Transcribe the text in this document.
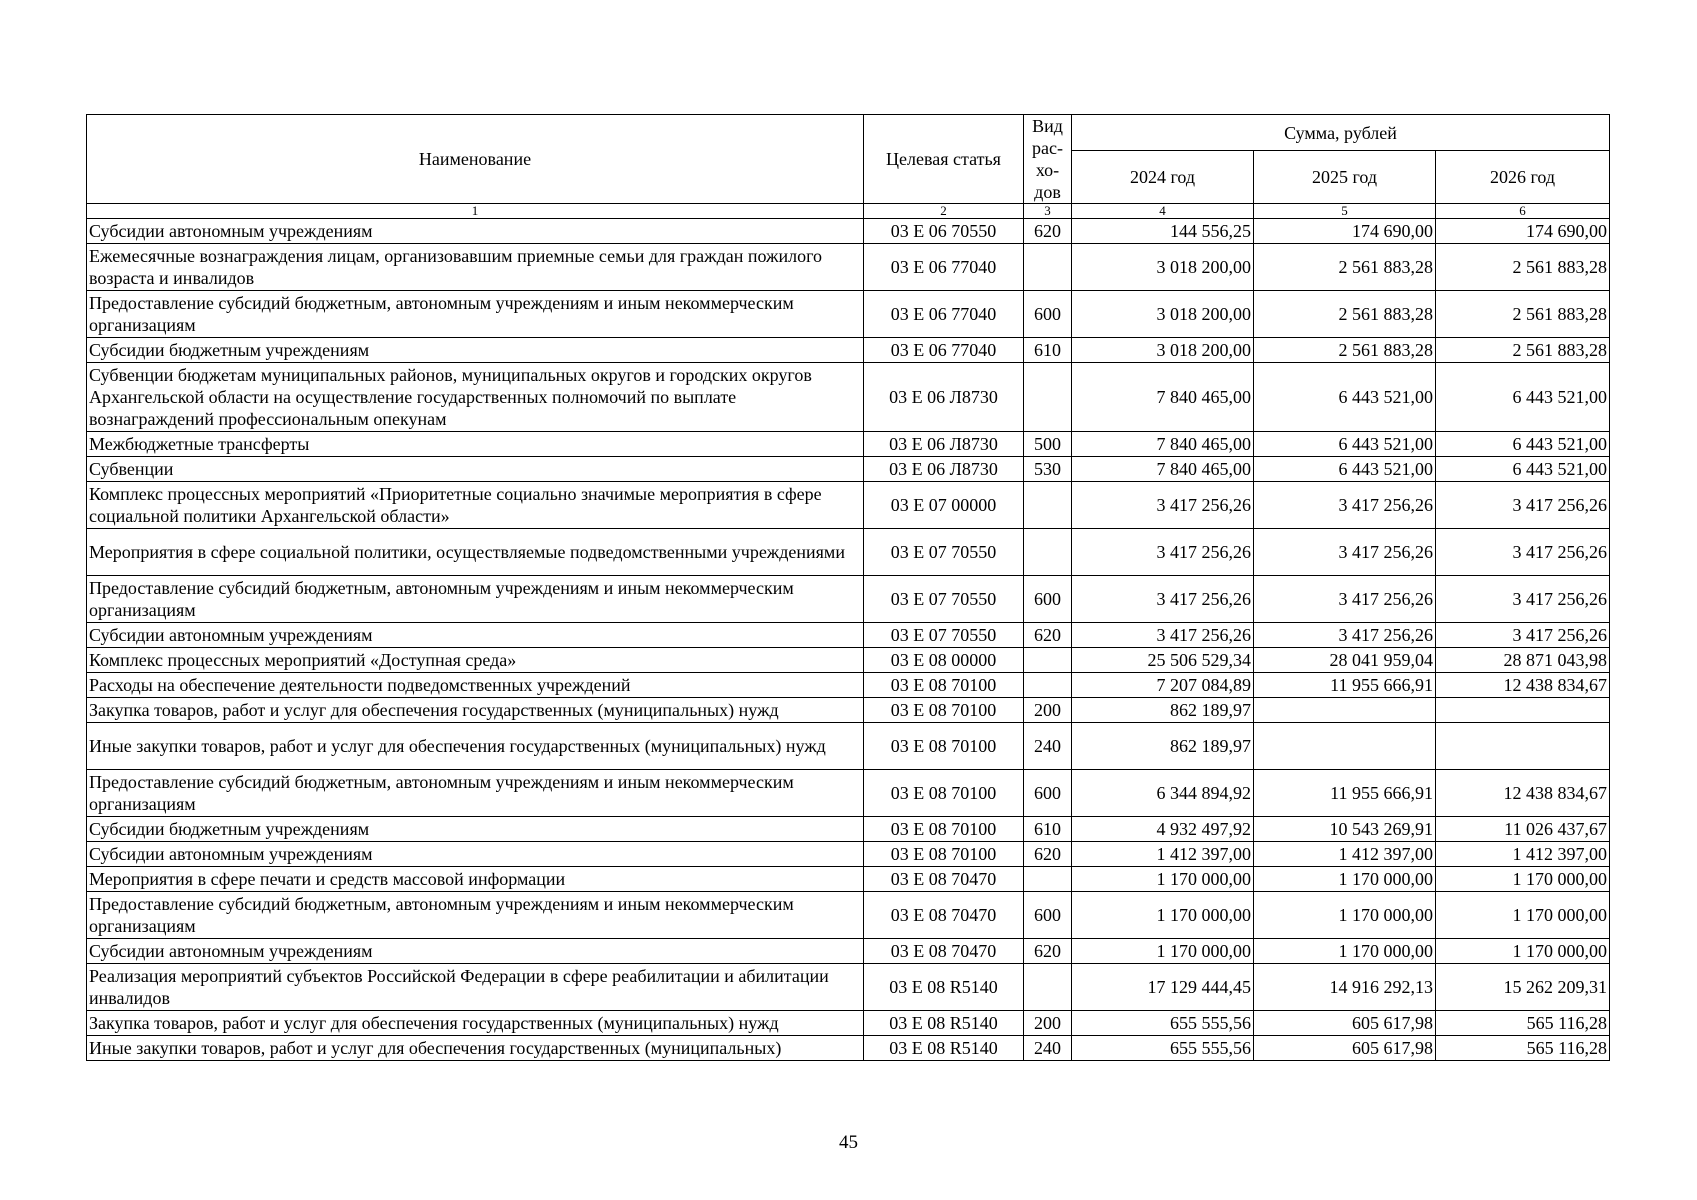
Наименование	Целевая статья	Вид
рас-
хо-
дов	Сумма, рублей		
			2024 год	2025 год	2026 год
1	2	3	4	5	6
Субсидии автономным учреждениям	03 Е 06 70550	620	144 556,25	174 690,00	174 690,00
Ежемесячные вознаграждения лицам, организовавшим приемные семьи для граждан пожилого возраста и инвалидов	03 Е 06 77040		3 018 200,00	2 561 883,28	2 561 883,28
Предоставление субсидий бюджетным, автономным учреждениям и иным некоммерческим организациям	03 Е 06 77040	600	3 018 200,00	2 561 883,28	2 561 883,28
Субсидии бюджетным учреждениям	03 Е 06 77040	610	3 018 200,00	2 561 883,28	2 561 883,28
Субвенции бюджетам муниципальных районов, муниципальных округов и городских округов Архангельской области на осуществление государственных полномочий по выплате вознаграждений профессиональным опекунам	03 Е 06 Л8730		7 840 465,00	6 443 521,00	6 443 521,00
Межбюджетные трансферты	03 Е 06 Л8730	500	7 840 465,00	6 443 521,00	6 443 521,00
Субвенции	03 Е 06 Л8730	530	7 840 465,00	6 443 521,00	6 443 521,00
Комплекс процессных мероприятий «Приоритетные социально значимые мероприятия в сфере социальной политики Архангельской области»	03 Е 07 00000		3 417 256,26	3 417 256,26	3 417 256,26
Мероприятия в сфере социальной политики, осуществляемые подведомственными учреждениями	03 Е 07 70550		3 417 256,26	3 417 256,26	3 417 256,26
Предоставление субсидий бюджетным, автономным учреждениям и иным некоммерческим организациям	03 Е 07 70550	600	3 417 256,26	3 417 256,26	3 417 256,26
Субсидии автономным учреждениям	03 Е 07 70550	620	3 417 256,26	3 417 256,26	3 417 256,26
Комплекс процессных мероприятий «Доступная среда»	03 Е 08 00000		25 506 529,34	28 041 959,04	28 871 043,98
Расходы на обеспечение деятельности подведомственных учреждений	03 Е 08 70100		7 207 084,89	11 955 666,91	12 438 834,67
Закупка товаров, работ и услуг для обеспечения государственных (муниципальных) нужд	03 Е 08 70100	200	862 189,97		
Иные закупки товаров, работ и услуг для обеспечения государственных (муниципальных) нужд	03 Е 08 70100	240	862 189,97		
Предоставление субсидий бюджетным, автономным учреждениям и иным некоммерческим организациям	03 Е 08 70100	600	6 344 894,92	11 955 666,91	12 438 834,67
Субсидии бюджетным учреждениям	03 Е 08 70100	610	4 932 497,92	10 543 269,91	11 026 437,67
Субсидии автономным учреждениям	03 Е 08 70100	620	1 412 397,00	1 412 397,00	1 412 397,00
Мероприятия в сфере печати и средств массовой информации	03 Е 08 70470		1 170 000,00	1 170 000,00	1 170 000,00
Предоставление субсидий бюджетным, автономным учреждениям и иным некоммерческим организациям	03 Е 08 70470	600	1 170 000,00	1 170 000,00	1 170 000,00
Субсидии автономным учреждениям	03 Е 08 70470	620	1 170 000,00	1 170 000,00	1 170 000,00
Реализация мероприятий субъектов Российской Федерации в сфере реабилитации и абилитации инвалидов	03 Е 08 R5140		17 129 444,45	14 916 292,13	15 262 209,31
Закупка товаров, работ и услуг для обеспечения государственных (муниципальных) нужд	03 Е 08 R5140	200	655 555,56	605 617,98	565 116,28
Иные закупки товаров, работ и услуг для обеспечения государственных (муниципальных)	03 Е 08 R5140	240	655 555,56	605 617,98	565 116,28
45
